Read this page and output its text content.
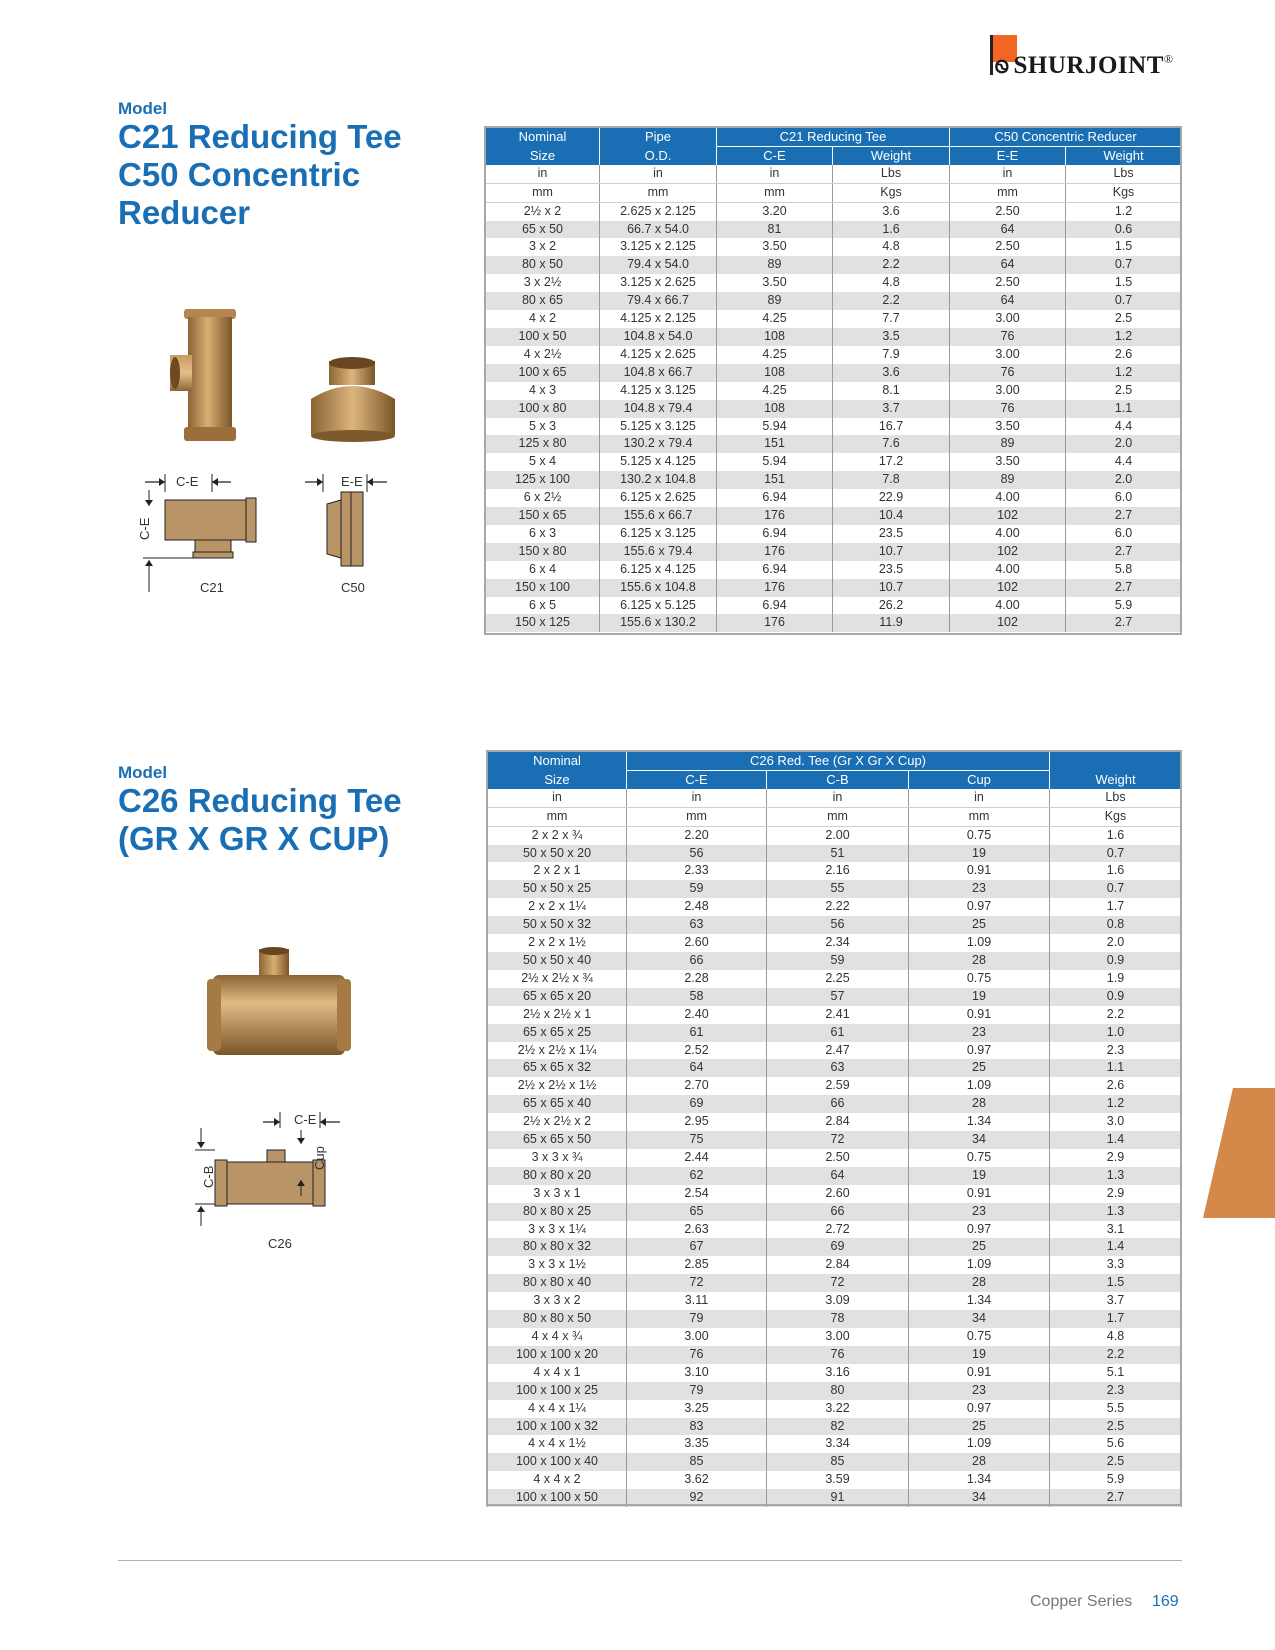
Ꮻ SHURJOINT®
Model
C21 Reducing Tee
C50 Concentric
Reducer
C-E	E-E
C-E
C21	C50
Nominal	Pipe	C21 Reducing Tee		C50 Concentric Reducer	
Size	O.D.	C-E	Weight	E-E	Weight
in	in	in	Lbs	in	Lbs
mm	mm	mm	Kgs	mm	Kgs
2½ x 2	2.625 x 2.125	3.20	3.6	2.50	1.2
65 x 50	66.7 x 54.0	81	1.6	64	0.6
3 x 2	3.125 x 2.125	3.50	4.8	2.50	1.5
80 x 50	79.4 x 54.0	89	2.2	64	0.7
3 x 2½	3.125 x 2.625	3.50	4.8	2.50	1.5
80 x 65	79.4 x 66.7	89	2.2	64	0.7
4 x 2	4.125 x 2.125	4.25	7.7	3.00	2.5
100 x 50	104.8 x 54.0	108	3.5	76	1.2
4 x 2½	4.125 x 2.625	4.25	7.9	3.00	2.6
100 x 65	104.8 x 66.7	108	3.6	76	1.2
4 x 3	4.125 x 3.125	4.25	8.1	3.00	2.5
100 x 80	104.8 x 79.4	108	3.7	76	1.1
5 x 3	5.125 x 3.125	5.94	16.7	3.50	4.4
125 x 80	130.2 x 79.4	151	7.6	89	2.0
5 x 4	5.125 x 4.125	5.94	17.2	3.50	4.4
125 x 100	130.2 x 104.8	151	7.8	89	2.0
6 x 2½	6.125 x 2.625	6.94	22.9	4.00	6.0
150 x 65	155.6 x 66.7	176	10.4	102	2.7
6 x 3	6.125 x 3.125	6.94	23.5	4.00	6.0
150 x 80	155.6 x 79.4	176	10.7	102	2.7
6 x 4	6.125 x 4.125	6.94	23.5	4.00	5.8
150 x 100	155.6 x 104.8	176	10.7	102	2.7
6 x 5	6.125 x 5.125	6.94	26.2	4.00	5.9
150 x 125	155.6 x 130.2	176	11.9	102	2.7
Model
C26 Reducing Tee
(GR X GR X CUP)
C-E
C-B
Cup
C26
Nominal	C26 Red. Tee (Gr X Gr X Cup)			
Size	C-E	C-B	Cup	Weight
in	in	in	in	Lbs
mm	mm	mm	mm	Kgs
2 x 2 x ¾	2.20	2.00	0.75	1.6
50 x 50 x 20	56	51	19	0.7
2 x 2 x 1	2.33	2.16	0.91	1.6
50 x 50 x 25	59	55	23	0.7
2 x 2 x 1¼	2.48	2.22	0.97	1.7
50 x 50 x 32	63	56	25	0.8
2 x 2 x 1½	2.60	2.34	1.09	2.0
50 x 50 x 40	66	59	28	0.9
2½ x 2½ x ¾	2.28	2.25	0.75	1.9
65 x 65 x 20	58	57	19	0.9
2½ x 2½ x 1	2.40	2.41	0.91	2.2
65 x 65 x 25	61	61	23	1.0
2½ x 2½ x 1¼	2.52	2.47	0.97	2.3
65 x 65 x 32	64	63	25	1.1
2½ x 2½ x 1½	2.70	2.59	1.09	2.6
65 x 65 x 40	69	66	28	1.2
2½ x 2½ x 2	2.95	2.84	1.34	3.0
65 x 65 x 50	75	72	34	1.4
3 x 3 x ¾	2.44	2.50	0.75	2.9
80 x 80 x 20	62	64	19	1.3
3 x 3 x 1	2.54	2.60	0.91	2.9
80 x 80 x 25	65	66	23	1.3
3 x 3 x 1¼	2.63	2.72	0.97	3.1
80 x 80 x 32	67	69	25	1.4
3 x 3 x 1½	2.85	2.84	1.09	3.3
80 x 80 x 40	72	72	28	1.5
3 x 3 x 2	3.11	3.09	1.34	3.7
80 x 80 x 50	79	78	34	1.7
4 x 4 x ¾	3.00	3.00	0.75	4.8
100 x 100 x 20	76	76	19	2.2
4 x 4 x 1	3.10	3.16	0.91	5.1
100 x 100 x 25	79	80	23	2.3
4 x 4 x 1¼	3.25	3.22	0.97	5.5
100 x 100 x 32	83	82	25	2.5
4 x 4 x 1½	3.35	3.34	1.09	5.6
100 x 100 x 40	85	85	28	2.5
4 x 4 x 2	3.62	3.59	1.34	5.9
100 x 100 x 50	92	91	34	2.7
Copper Series 169
